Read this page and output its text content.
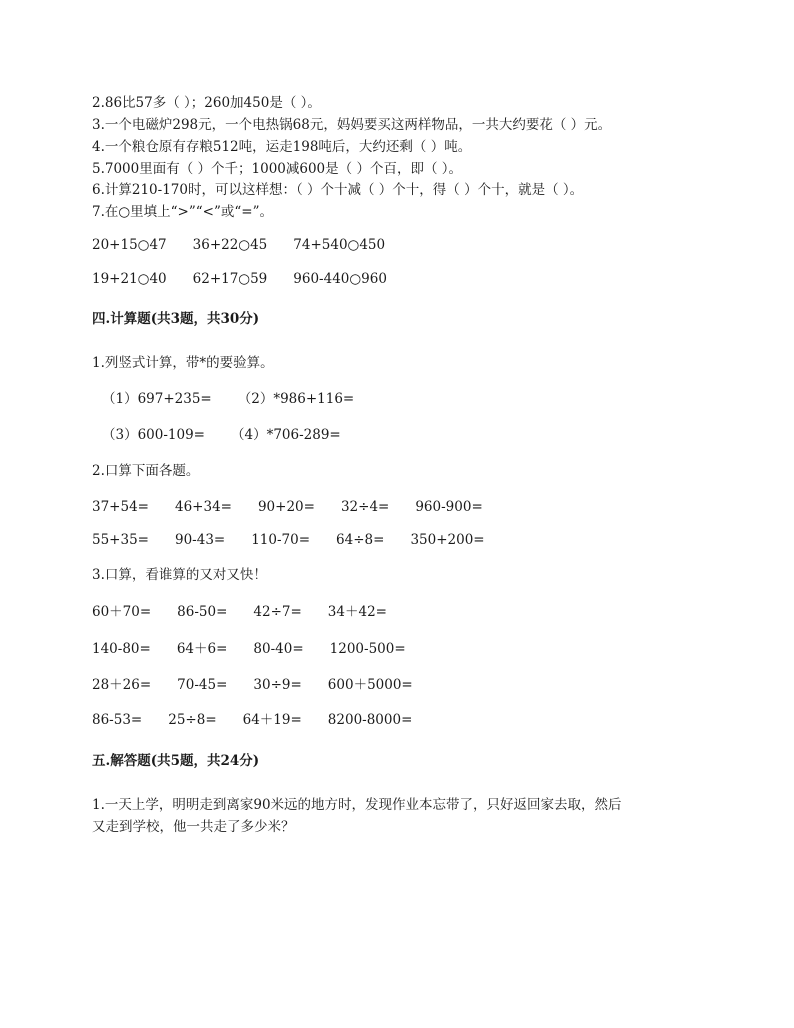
2.86比57多（ ）；260加450是（ ）。
3.一个电磁炉298元，一个电热锅68元，妈妈要买这两样物品，一共大约要花（ ）元。
4.一个粮仓原有存粮512吨，运走198吨后，大约还剩（ ）吨。
5.7000里面有（ ）个千；1000减600是（ ）个百，即（ ）。
6.计算210-170时，可以这样想：（ ）个十减（ ）个十，得（ ）个十，就是（ ）。
7.在○里填上“>”“<”或“=”。
20+15○47 36+22○45 74+540○450
19+21○40 62+17○59 960-440○960
四.计算题(共3题，共30分)
1.列竖式计算，带*的要验算。
（1）697+235= （2）*986+116=
（3）600-109= （4）*706-289=
2.口算下面各题。
37+54= 46+34= 90+20= 32÷4= 960-900=
55+35= 90-43= 110-70= 64÷8= 350+200=
3.口算，看谁算的又对又快！
60＋70= 86-50= 42÷7= 34＋42=
140-80= 64＋6= 80-40= 1200-500=
28＋26= 70-45= 30÷9= 600＋5000=
86-53= 25÷8= 64＋19= 8200-8000=
五.解答题(共5题，共24分)
1.一天上学，明明走到离家90米远的地方时，发现作业本忘带了，只好返回家去取，然后
又走到学校，他一共走了多少米？
